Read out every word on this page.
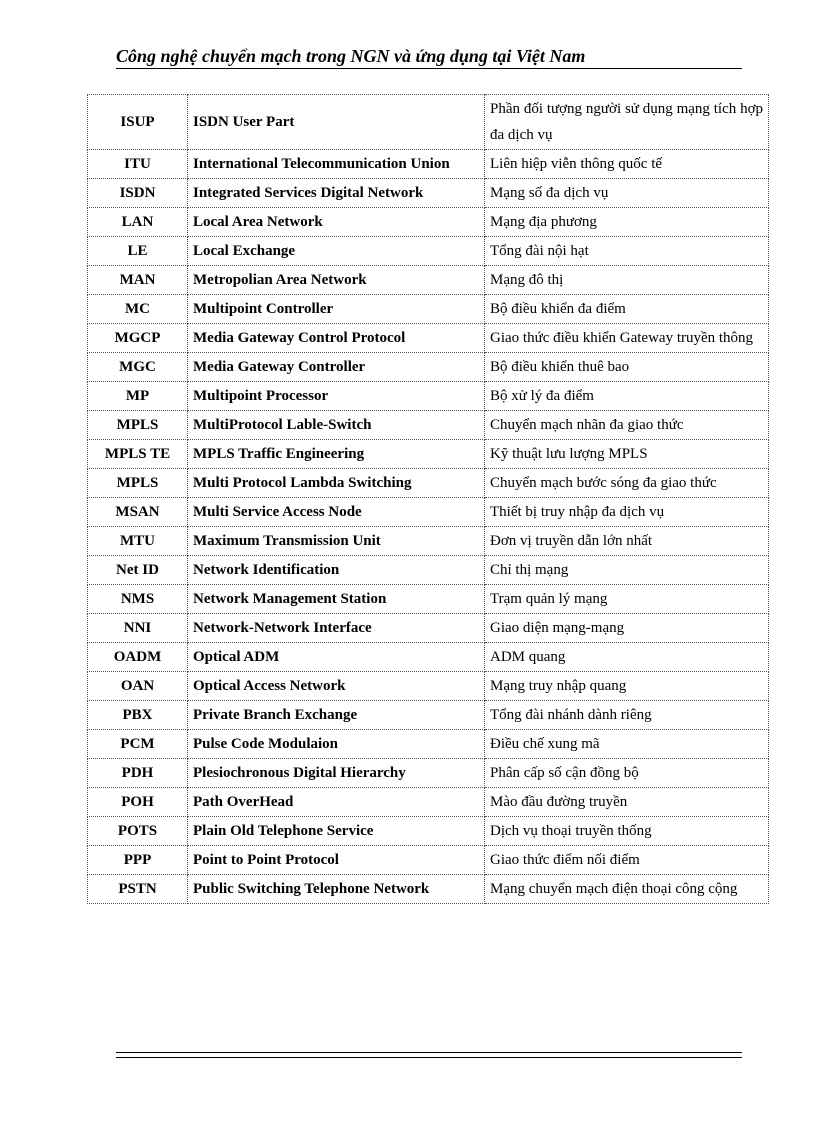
Công nghệ chuyển mạch trong NGN và ứng dụng tại Việt Nam

ISUP	ISDN User Part	Phần đối tượng người sử dụng mạng tích hợp đa dịch vụ
ITU	International Telecommunication Union	Liên hiệp viễn thông quốc tế
ISDN	Integrated Services Digital Network	Mạng số đa dịch vụ
LAN	Local Area Network	Mạng địa phương
LE	Local Exchange	Tổng đài nội hạt
MAN	Metropolian Area Network	Mạng đô thị
MC	Multipoint Controller	Bộ điều khiển đa điểm
MGCP	Media Gateway Control Protocol	Giao thức điều khiển Gateway truyền thông
MGC	Media Gateway Controller	Bộ điều khiển thuê bao
MP	Multipoint Processor	Bộ xử lý đa điểm
MPLS	MultiProtocol Lable-Switch	Chuyển mạch nhãn đa giao thức
MPLS TE	MPLS Traffic Engineering	Kỹ thuật lưu lượng MPLS
MPLS	Multi Protocol Lambda Switching	Chuyển mạch bước sóng đa giao thức
MSAN	Multi Service Access Node	Thiết bị truy nhập đa dịch vụ
MTU	Maximum Transmission Unit	Đơn vị truyền dẫn lớn nhất
Net ID	Network Identification	Chỉ thị mạng
NMS	Network Management Station	Trạm quản lý mạng
NNI	Network-Network Interface	Giao diện mạng-mạng
OADM	Optical ADM	ADM quang
OAN	Optical Access Network	Mạng truy nhập quang
PBX	Private Branch Exchange	Tổng đài nhánh dành riêng
PCM	Pulse Code Modulaion	Điều chế xung mã
PDH	Plesiochronous Digital Hierarchy	Phân cấp số cận đồng bộ
POH	Path OverHead	Mào đầu đường truyền
POTS	Plain Old Telephone Service	Dịch vụ thoại truyền thống
PPP	Point to Point Protocol	Giao thức điểm nối điểm
PSTN	Public Switching Telephone Network	Mạng chuyển mạch điện thoại công cộng
